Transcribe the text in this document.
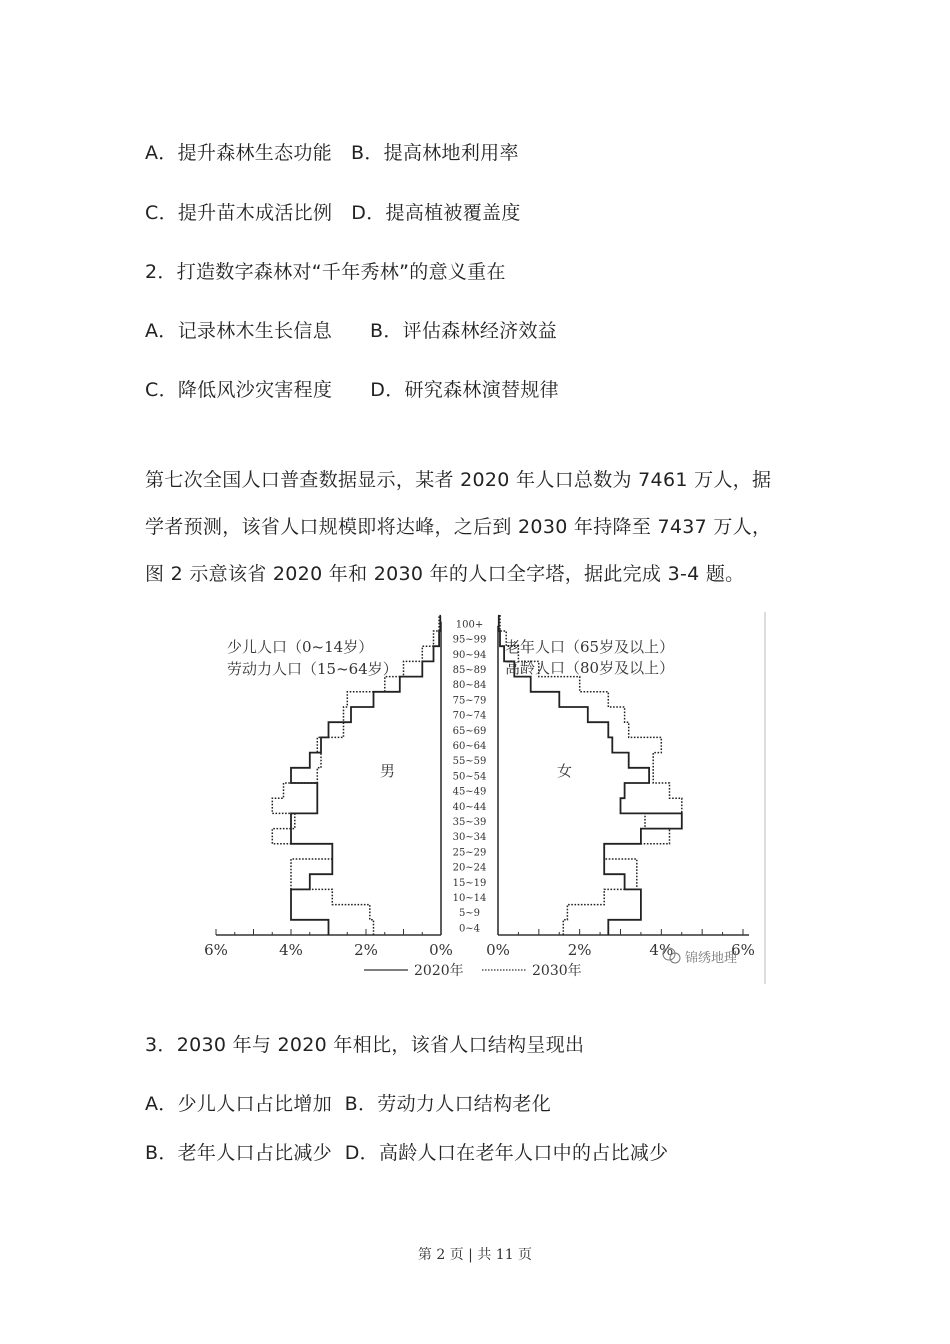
A．提升森林生态功能   B．提高林地利用率
C．提升苗木成活比例   D．提高植被覆盖度
2．打造数字森林对“千年秀林”的意义重在
A．记录林木生长信息      B．评估森林经济效益
C．降低风沙灾害程度      D．研究森林演替规律
第七次全国人口普查数据显示，某者 2020 年人口总数为 7461 万人，据
学者预测，该省人口规模即将达峰，之后到 2030 年持降至 7437 万人，
图 2 示意该省 2020 年和 2030 年的人口全字塔，据此完成 3-4 题。
0~4
5~9
10~14
15~19
20~24
25~29
30~34
35~39
40~44
45~49
50~54
55~59
60~64
65~69
70~74
75~79
80~84
85~89
90~94
95~99
100+
6%	4%	2%	0% 0%	2%	4%	6%
少儿人口（0~14岁）
劳动力人口（15~64岁）
老年人口（65岁及以上）
高龄人口（80岁及以上）
男	女
2020年	2030年
锦绣地理
3．2030 年与 2020 年相比，该省人口结构呈现出
A．少儿人口占比增加  B．劳动力人口结构老化
B．老年人口占比减少  D．高龄人口在老年人口中的占比减少
第 2 页 | 共 11 页
